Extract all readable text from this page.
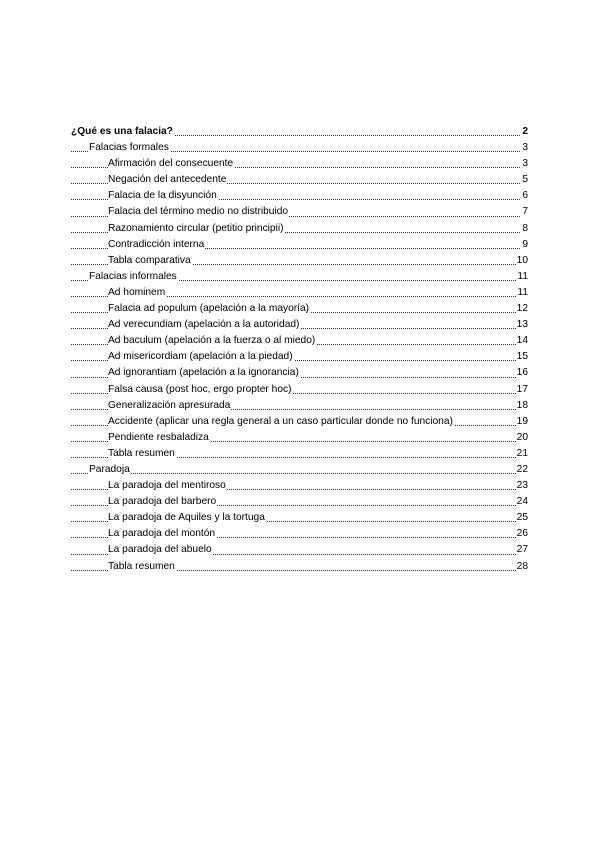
¿Qué es una falacia?	2
Falacias formales	3
Afirmación del consecuente	3
Negación del antecedente	5
Falacia de la disyunción	6
Falacia del término medio no distribuido	7
Razonamiento circular (petitio principii)	8
Contradicción interna	9
Tabla comparativa	10
Falacias informales	11
Ad hominem	11
Falacia ad populum (apelación a la mayoría)	12
Ad verecundiam (apelación a la autoridad)	13
Ad baculum (apelación a la fuerza o al miedo)	14
Ad misericordiam (apelación a la piedad)	15
Ad ignorantiam (apelación a la ignorancia)	16
Falsa causa (post hoc, ergo propter hoc)	17
Generalización apresurada	18
Accidente (aplicar una regla general a un caso particular donde no funciona)	19
Pendiente resbaladiza	20
Tabla resumen	21
Paradoja	22
La paradoja del mentiroso	23
La paradoja del barbero	24
La paradoja de Aquiles y la tortuga	25
La paradoja del montón	26
La paradoja del abuelo	27
Tabla resumen	28
